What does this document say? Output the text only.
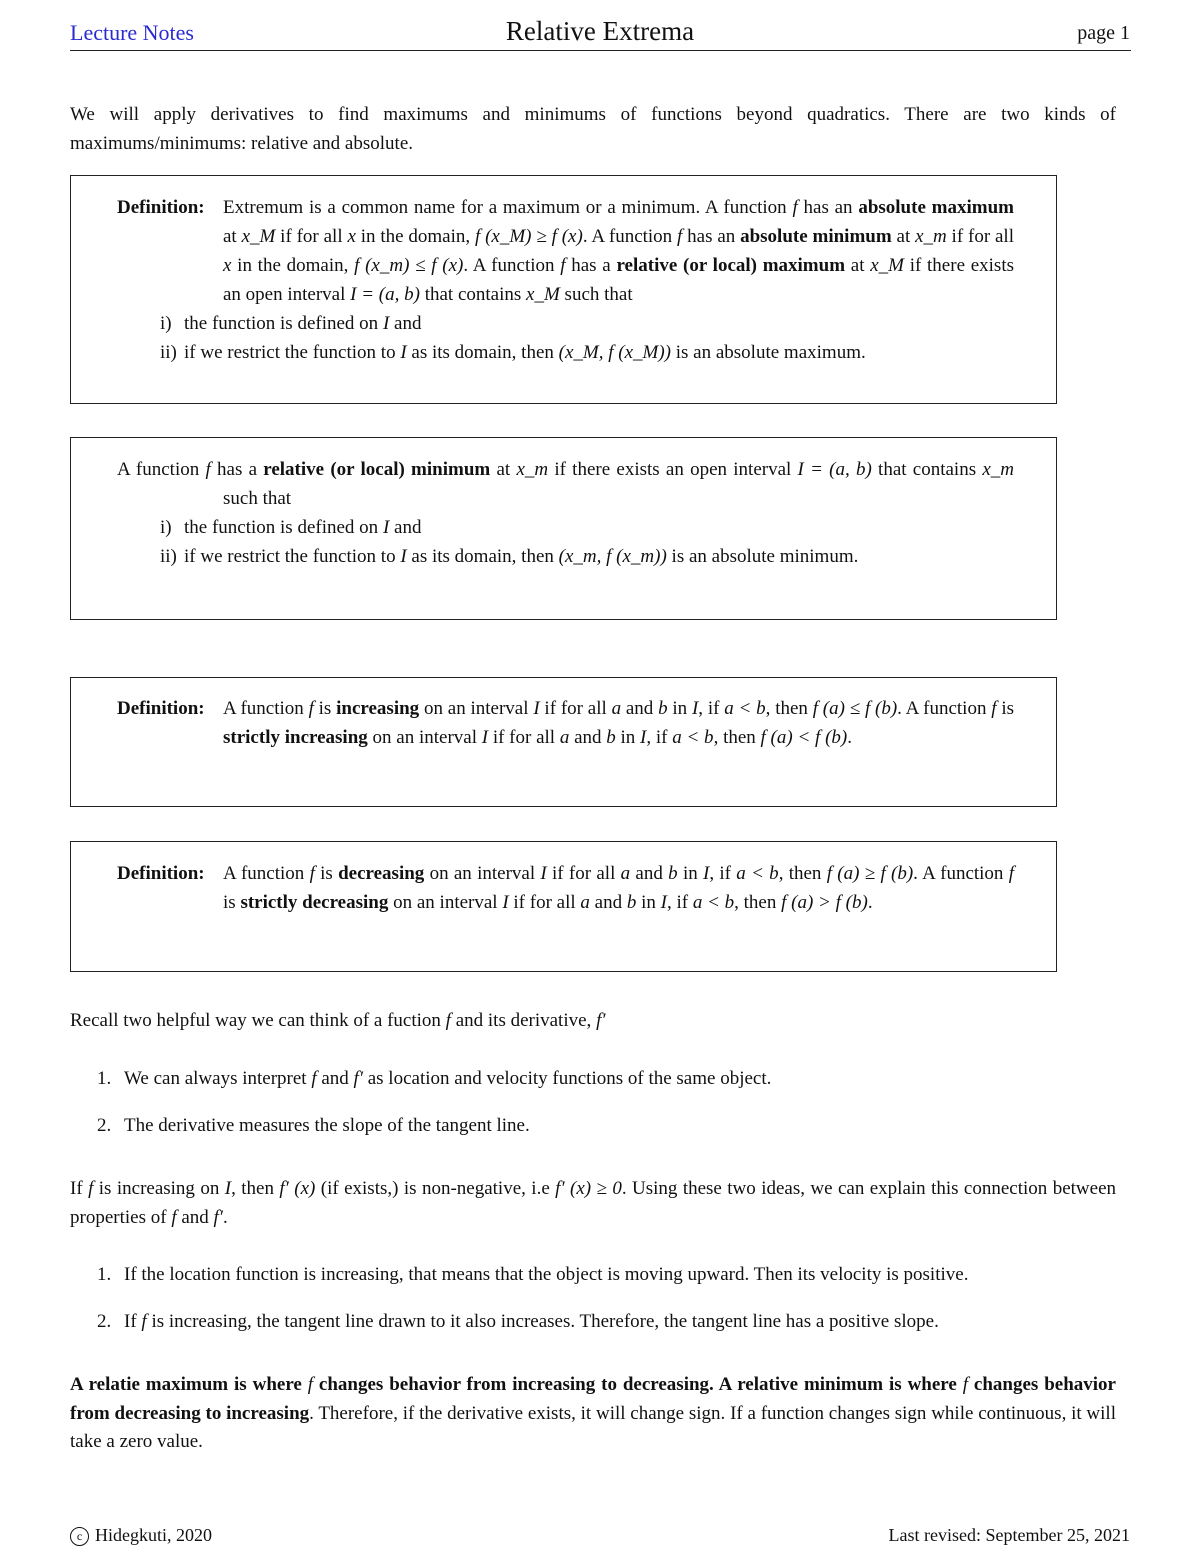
Lecture Notes	Relative Extrema	page 1
We will apply derivatives to find maximums and minimums of functions beyond quadratics. There are two kinds of maximums/minimums: relative and absolute.
Definition: Extremum is a common name for a maximum or a minimum. A function f has an absolute maximum at x_M if for all x in the domain, f (x_M) ≥ f (x). A function f has an absolute minimum at x_m if for all x in the domain, f (x_m) ≤ f (x). A function f has a relative (or local) maximum at x_M if there exists an open interval I = (a, b) that contains x_M such that
i) the function is defined on I and
ii) if we restrict the function to I as its domain, then (x_M, f (x_M)) is an absolute maximum.
A function f has a relative (or local) minimum at x_m if there exists an open interval I = (a, b) that contains x_m such that
i) the function is defined on I and
ii) if we restrict the function to I as its domain, then (x_m, f (x_m)) is an absolute minimum.
Definition: A function f is increasing on an interval I if for all a and b in I, if a < b, then f (a) ≤ f (b). A function f is strictly increasing on an interval I if for all a and b in I, if a < b, then f (a) < f (b).
Definition: A function f is decreasing on an interval I if for all a and b in I, if a < b, then f (a) ≥ f (b). A function f is strictly decreasing on an interval I if for all a and b in I, if a < b, then f (a) > f (b).
Recall two helpful way we can think of a fuction f and its derivative, f′
1. We can always interpret f and f′ as location and velocity functions of the same object.
2. The derivative measures the slope of the tangent line.
If f is increasing on I, then f′ (x) (if exists,) is non-negative, i.e f′ (x) ≥ 0. Using these two ideas, we can explain this connection between properties of f and f′.
1. If the location function is increasing, that means that the object is moving upward. Then its velocity is positive.
2. If f is increasing, the tangent line drawn to it also increases. Therefore, the tangent line has a positive slope.
A relatie maximum is where f changes behavior from increasing to decreasing. A relative minimum is where f changes behavior from decreasing to increasing. Therefore, if the derivative exists, it will change sign. If a function changes sign while continuous, it will take a zero value.
c Hidegkuti, 2020	Last revised: September 25, 2021
